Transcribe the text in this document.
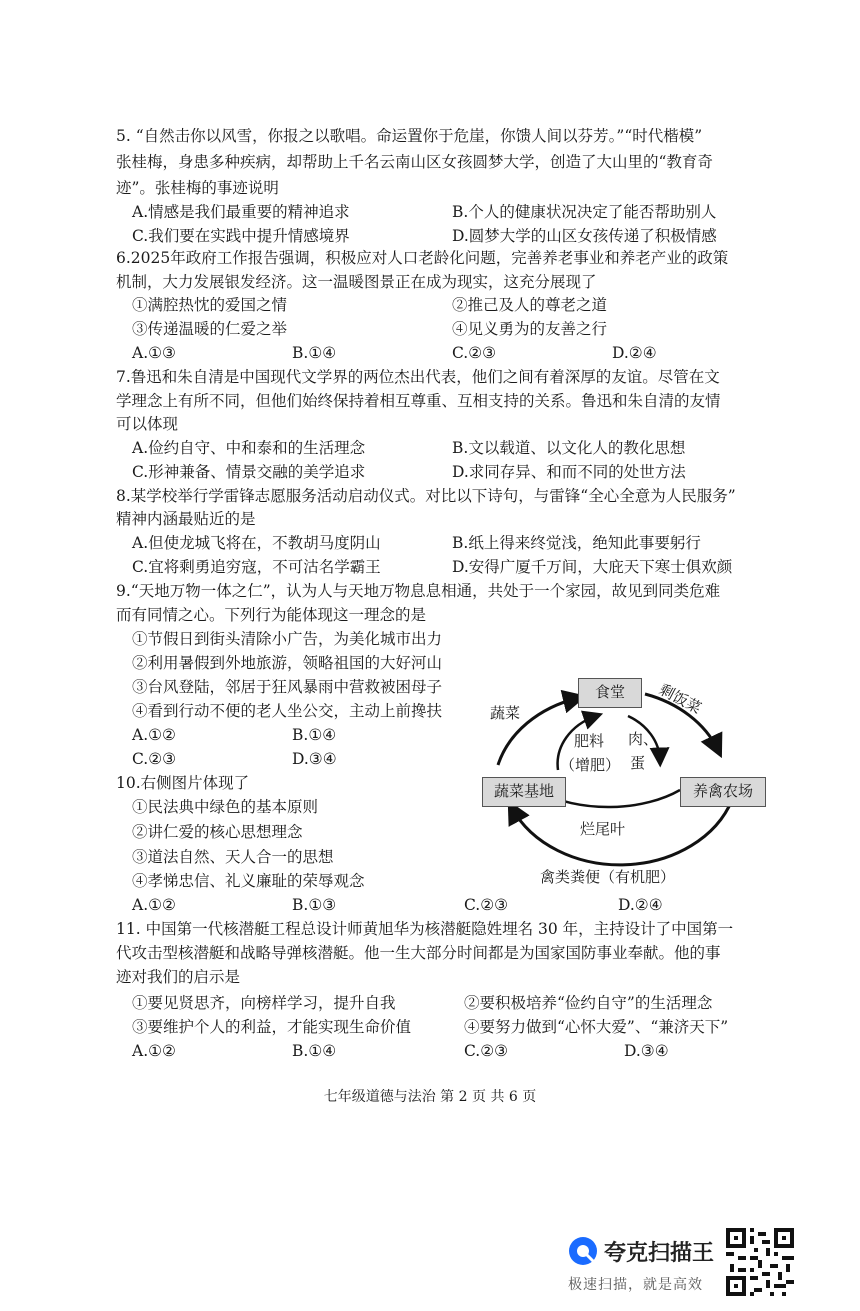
5. “自然击你以风雪，你报之以歌唱。命运置你于危崖，你馈人间以芬芳。”“时代楷模”
张桂梅，身患多种疾病，却帮助上千名云南山区女孩圆梦大学，创造了大山里的“教育奇
迹”。张桂梅的事迹说明
A.情感是我们最重要的精神追求	B.个人的健康状况决定了能否帮助别人
C.我们要在实践中提升情感境界	D.圆梦大学的山区女孩传递了积极情感
6.2025年政府工作报告强调，积极应对人口老龄化问题，完善养老事业和养老产业的政策
机制，大力发展银发经济。这一温暖图景正在成为现实，这充分展现了
①满腔热忱的爱国之情	②推己及人的尊老之道
③传递温暖的仁爱之举	④见义勇为的友善之行
A.①③	B.①④	C.②③	D.②④
7.鲁迅和朱自清是中国现代文学界的两位杰出代表，他们之间有着深厚的友谊。尽管在文
学理念上有所不同，但他们始终保持着相互尊重、互相支持的关系。鲁迅和朱自清的友情
可以体现
A.俭约自守、中和泰和的生活理念	B.文以载道、以文化人的教化思想
C.形神兼备、情景交融的美学追求	D.求同存异、和而不同的处世方法
8.某学校举行学雷锋志愿服务活动启动仪式。对比以下诗句，与雷锋“全心全意为人民服务”
精神内涵最贴近的是
A.但使龙城飞将在，不教胡马度阴山	B.纸上得来终觉浅，绝知此事要躬行
C.宜将剩勇追穷寇，不可沽名学霸王	D.安得广厦千万间，大庇天下寒士俱欢颜
9.“天地万物一体之仁”，认为人与天地万物息息相通，共处于一个家园，故见到同类危难
而有同情之心。下列行为能体现这一理念的是
①节假日到街头清除小广告，为美化城市出力
②利用暑假到外地旅游，领略祖国的大好河山
③台风登陆，邻居于狂风暴雨中营救被困母子
④看到行动不便的老人坐公交，主动上前搀扶
A.①②	B.①④
C.②③	D.③④
10.右侧图片体现了
①民法典中绿色的基本原则
②讲仁爱的核心思想理念
③道法自然、天人合一的思想
④孝悌忠信、礼义廉耻的荣辱观念
A.①②	B.①③	C.②③	D.②④
食堂
蔬菜基地	养禽农场
蔬菜	剩饭菜
肥料
（增肥）
肉、
蛋
烂尾叶
禽类粪便（有机肥）
11. 中国第一代核潜艇工程总设计师黄旭华为核潜艇隐姓埋名 30 年，主持设计了中国第一
代攻击型核潜艇和战略导弹核潜艇。他一生大部分时间都是为国家国防事业奉献。他的事
迹对我们的启示是
①要见贤思齐，向榜样学习，提升自我	②要积极培养“俭约自守”的生活理念
③要维护个人的利益，才能实现生命价值	④要努力做到“心怀大爱”、“兼济天下”
A.①②	B.①④	C.②③	D.③④
七年级道德与法治 第 2 页 共 6 页
夸克扫描王
极速扫描，就是高效
